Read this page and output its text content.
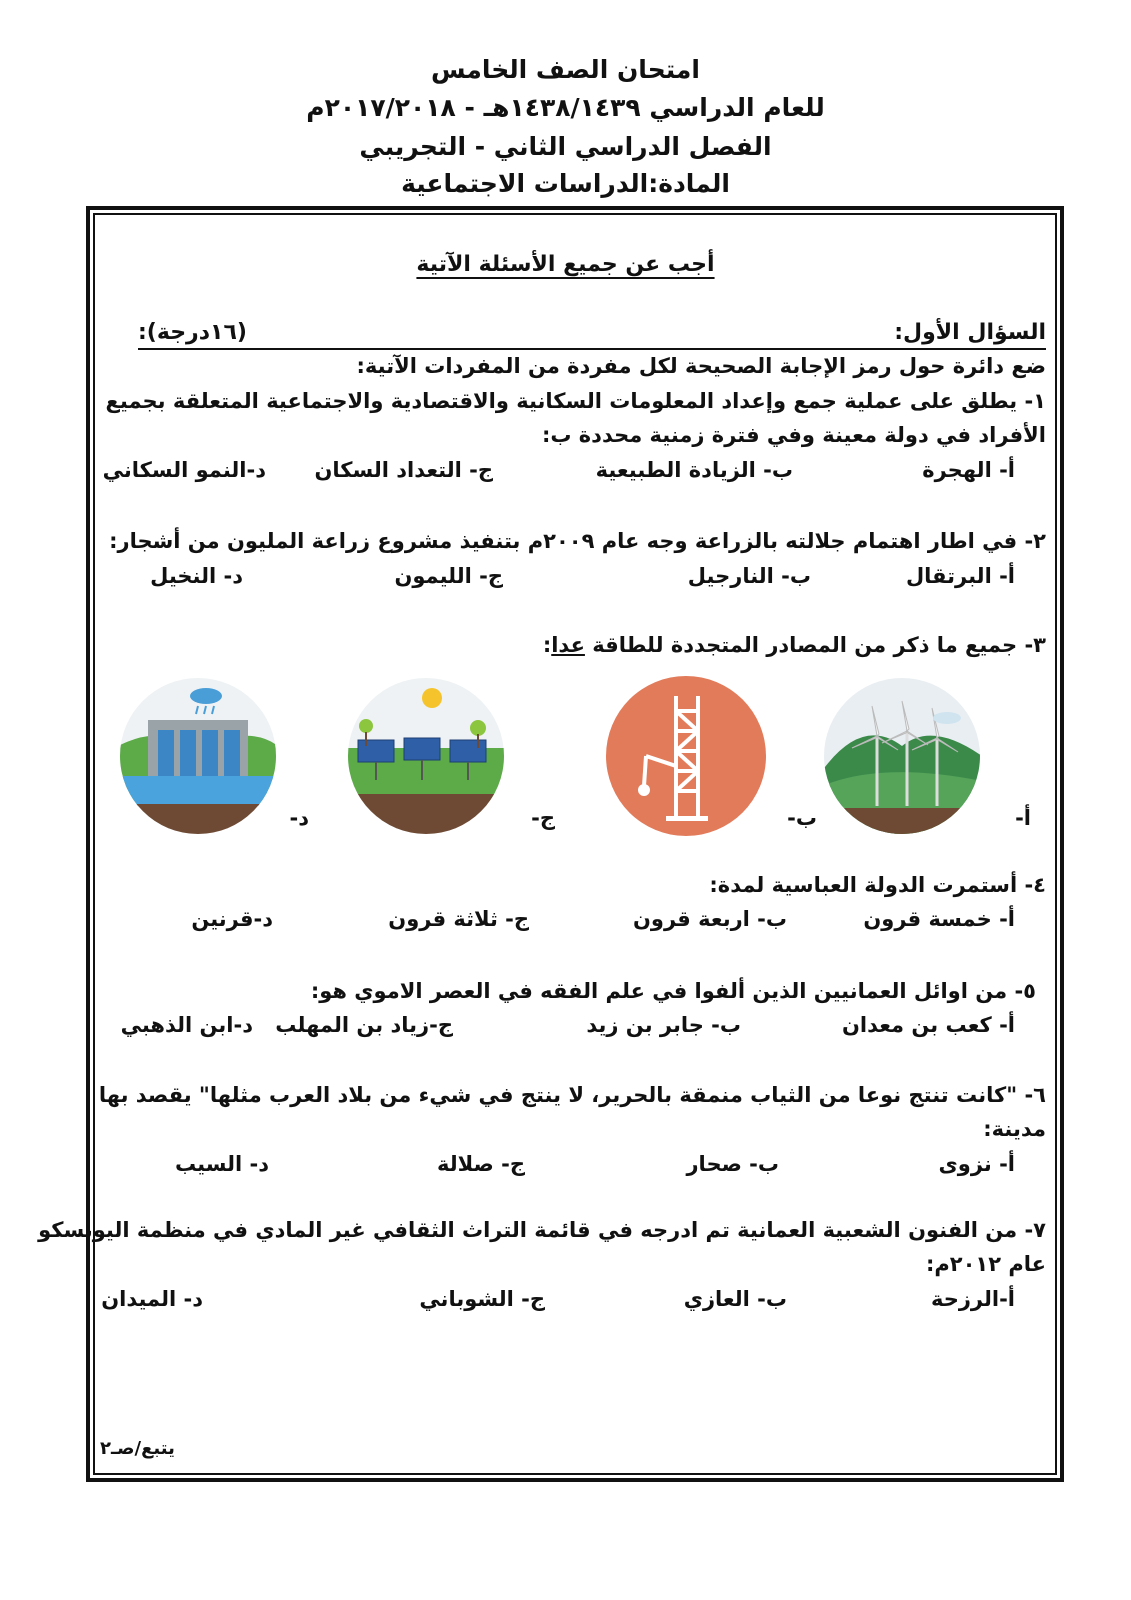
امتحان الصف الخامس
للعام الدراسي ١٤٣٨/١٤٣٩هـ - ٢٠١٧/٢٠١٨م
الفصل الدراسي الثاني - التجريبي
المادة:الدراسات الاجتماعية
أجب عن جميع الأسئلة الآتية
السؤال الأول:
(١٦درجة):
ضع دائرة حول رمز الإجابة الصحيحة لكل مفردة من المفردات الآتية:
١- يطلق على عملية جمع وإعداد المعلومات السكانية والاقتصادية والاجتماعية المتعلقة بجميع
الأفراد في دولة معينة وفي فترة زمنية محددة ب:
أ- الهجرة
ب- الزيادة الطبيعية
ج- التعداد السكان
د-النمو السكاني
٢- في اطار اهتمام جلالته بالزراعة وجه عام ٢٠٠٩م بتنفيذ مشروع زراعة المليون من أشجار:
أ- البرتقال
ب- النارجيل
ج- الليمون
د- النخيل
٣- جميع ما ذكر من المصادر المتجددة للطاقة عدا:
أ-
ب-
ج-
د-
٤- أستمرت الدولة العباسية لمدة:
أ- خمسة قرون
ب- اربعة قرون
ج- ثلاثة قرون
د-قرنين
٥- من اوائل العمانيين الذين ألفوا في علم الفقه في العصر الاموي هو:
أ- كعب بن معدان
ب- جابر بن زيد
ج-زياد بن المهلب
د-ابن الذهبي
٦- "كانت تنتج نوعا من الثياب منمقة بالحرير، لا ينتج في شيء من بلاد العرب مثلها" يقصد بها
مدينة:
أ- نزوى
ب- صحار
ج- صلالة
د- السيب
٧- من الفنون الشعبية العمانية تم ادرجه في قائمة التراث الثقافي غير المادي في منظمة اليونسكو
عام ٢٠١٢م:
أ-الرزحة
ب- العازي
ج- الشوباني
د- الميدان
يتبع/صـ٢
